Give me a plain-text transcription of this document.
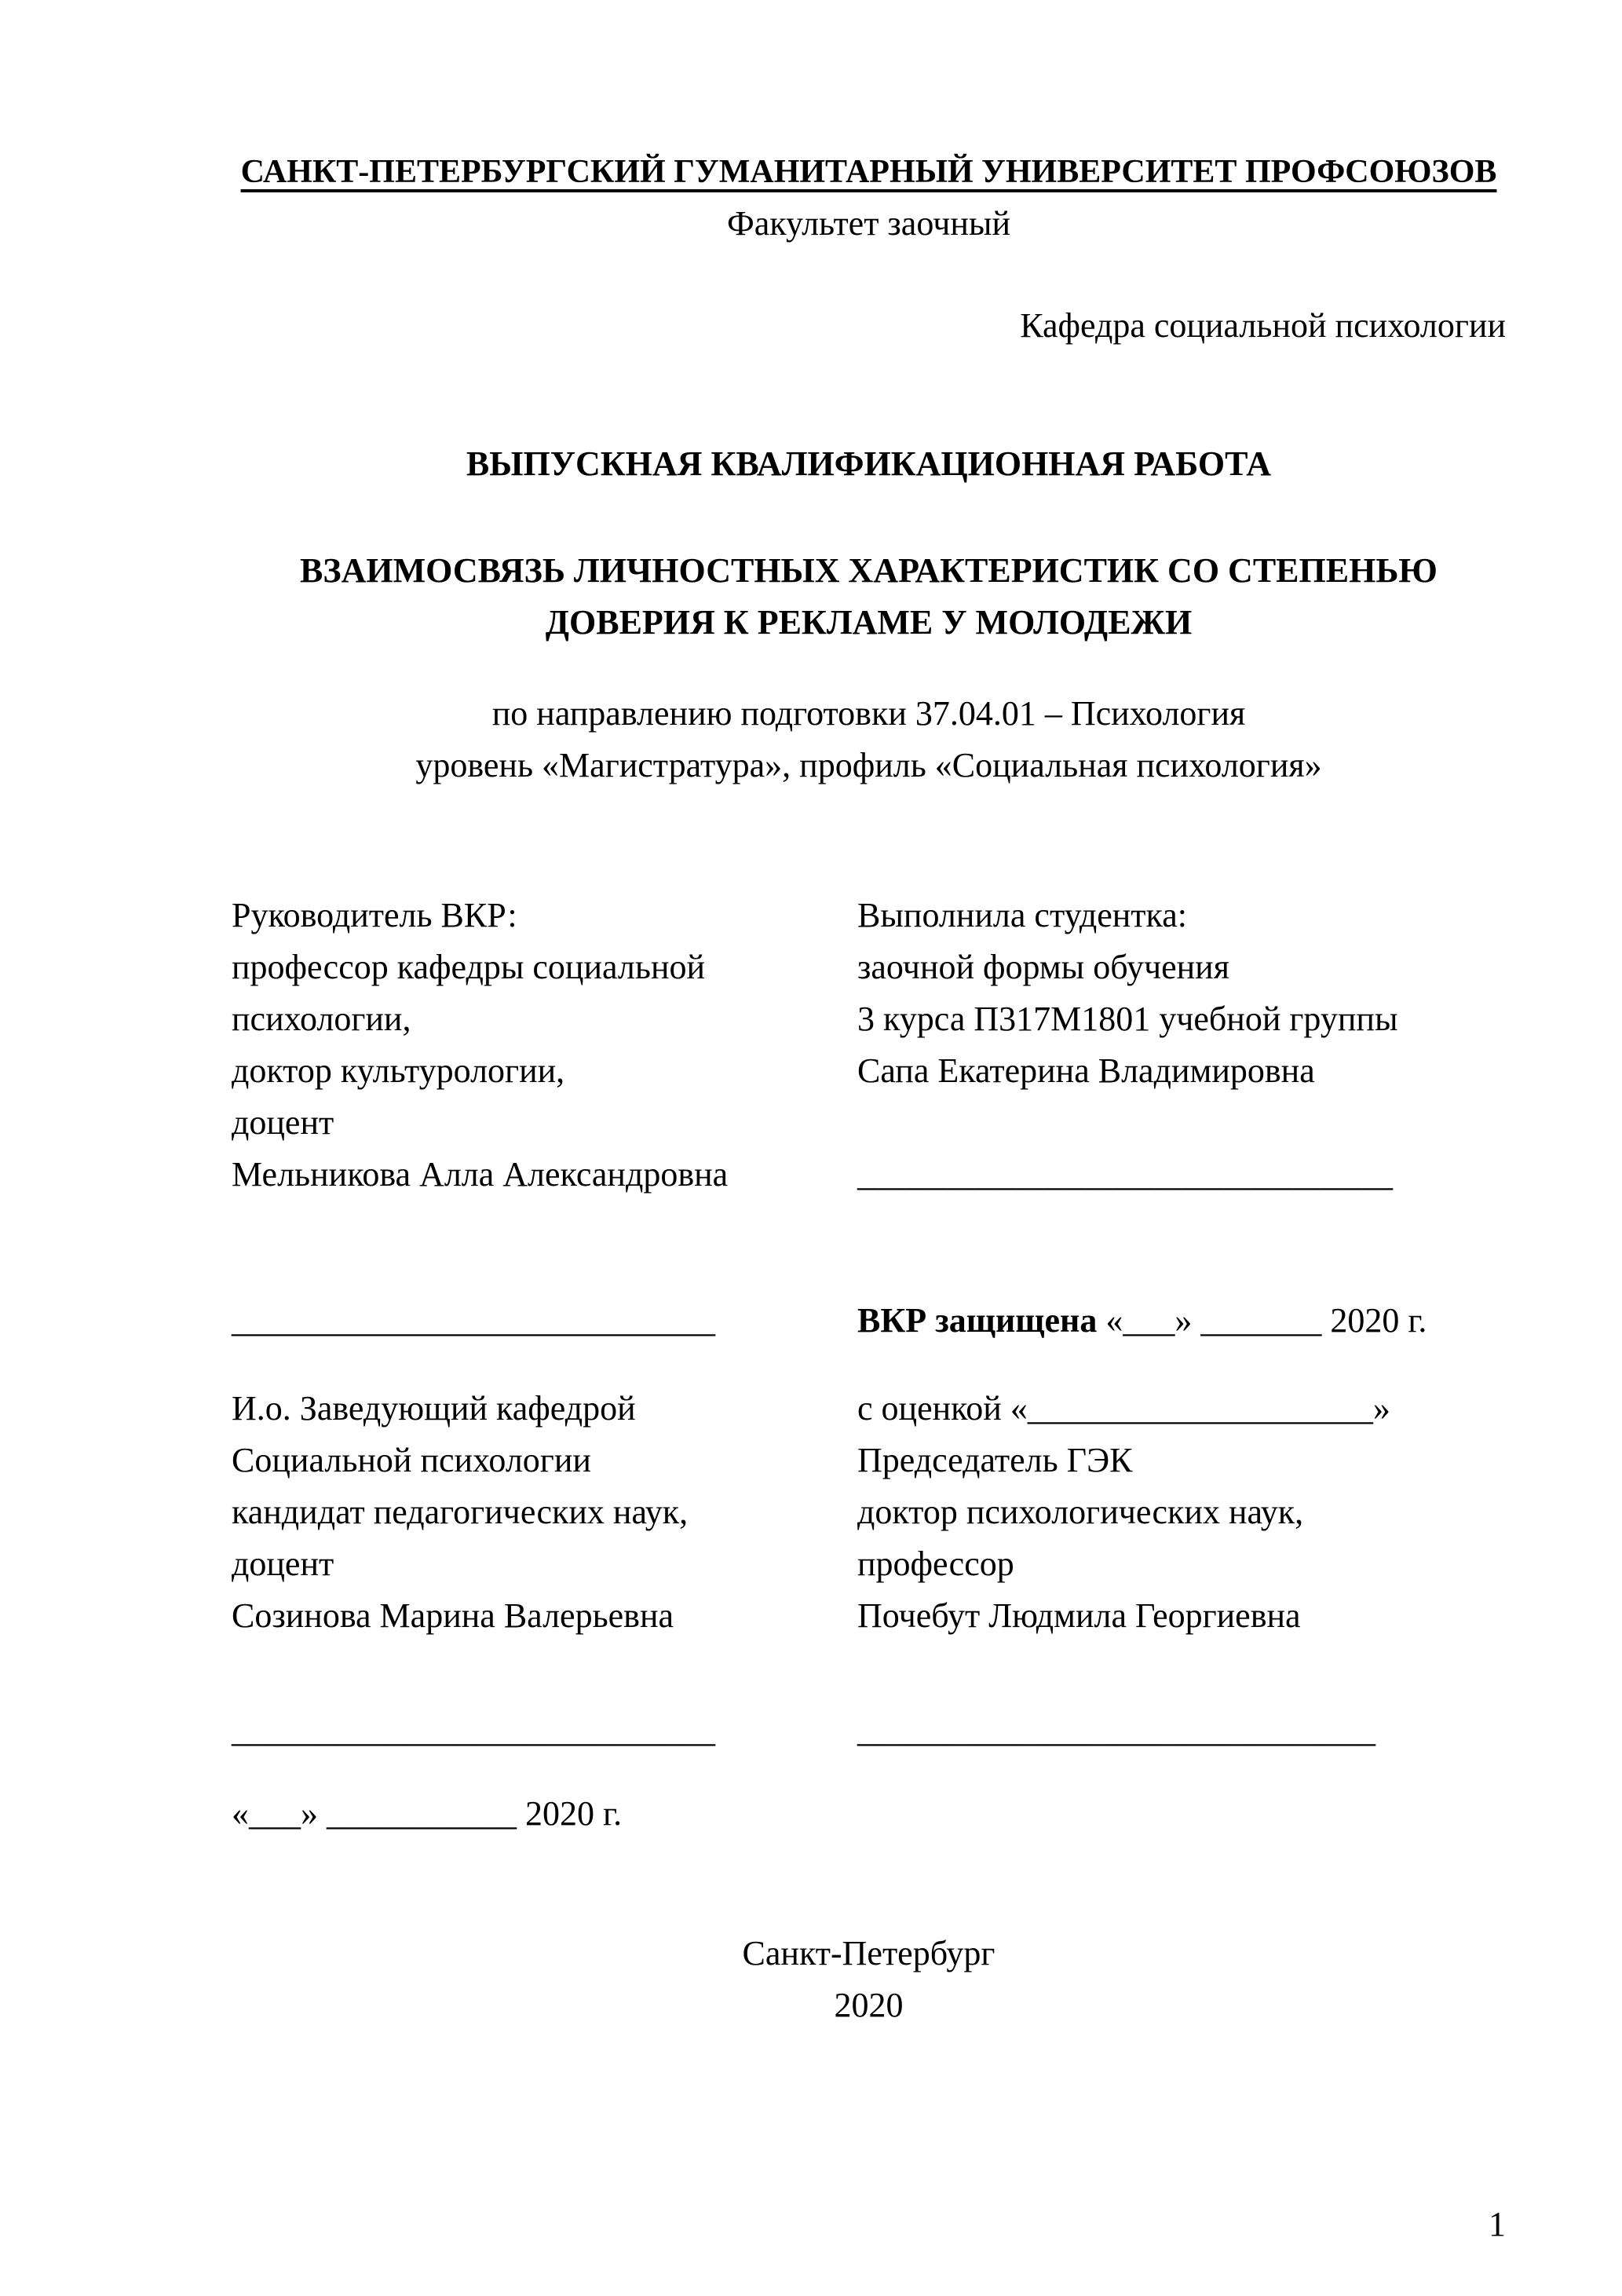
САНКТ-ПЕТЕРБУРГСКИЙ ГУМАНИТАРНЫЙ УНИВЕРСИТЕТ ПРОФСОЮЗОВ
Факультет заочный
Кафедра социальной психологии
ВЫПУСКНАЯ КВАЛИФИКАЦИОННАЯ РАБОТА
ВЗАИМОСВЯЗЬ ЛИЧНОСТНЫХ ХАРАКТЕРИСТИК СО СТЕПЕНЬЮ
ДОВЕРИЯ К РЕКЛАМЕ У МОЛОДЕЖИ
по направлению подготовки 37.04.01 – Психология
уровень «Магистратура», профиль «Социальная психология»
Руководитель ВКР:
профессор кафедры социальной
психологии,
доктор культурологии,
доцент
Мельникова Алла Александровна
Выполнила студентка:
заочной формы обучения
3 курса П317М1801 учебной группы
Сапа Екатерина Владимировна
_______________________________
____________________________	ВКР защищена «___» _______ 2020 г.
И.о. Заведующий кафедрой
Социальной психологии
кандидат педагогических наук,
доцент
Созинова Марина Валерьевна
с оценкой «____________________»
Председатель ГЭК
доктор психологических наук,
профессор
Почебут Людмила Георгиевна
____________________________	______________________________
«___» ___________ 2020 г.
Санкт-Петербург
2020
1
